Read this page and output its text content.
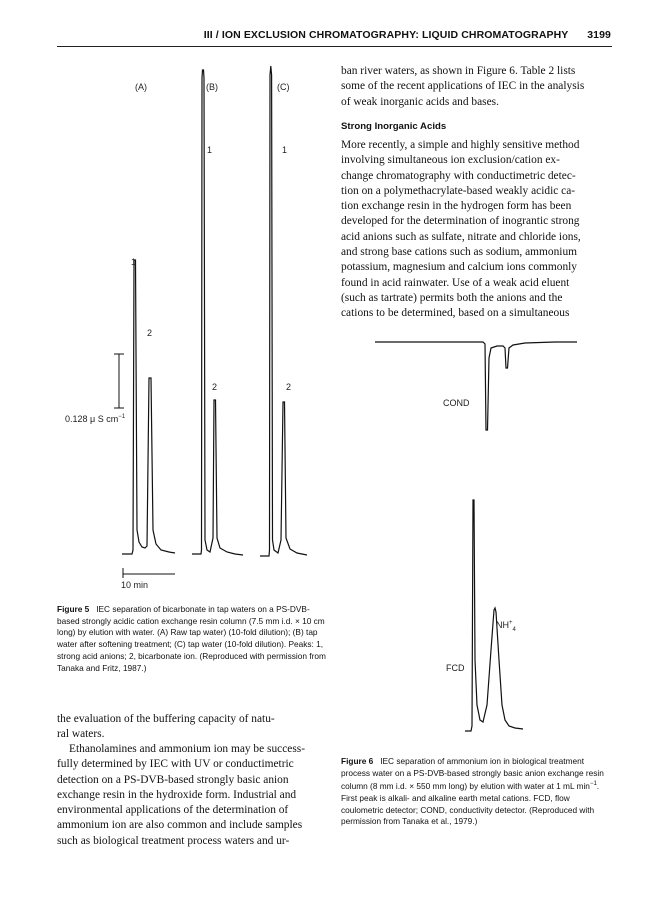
III / ION EXCLUSION CHROMATOGRAPHY: LIQUID CHROMATOGRAPHY 3199
(A)	(B)	(C)
1
2
1
2
1
2
0.128 μ S $cm^{-1}$
10 min
Figure 5 IEC separation of bicarbonate in tap waters on a PS-DVB-based strongly acidic cation exchange resin column (7.5 mm i.d. × 10 cm long) by elution with water. (A) Raw tap water) (10-fold dilution); (B) tap water after softening treatment; (C) tap water (10-fold dilution). Peaks: 1, strong acid anions; 2, bicarbonate ion. (Reproduced with permission from Tanaka and Fritz, 1987.)
the evaluation of the buffering capacity of natu-
ral waters.
Ethanolamines and ammonium ion may be success-
fully determined by IEC with UV or conductimetric
detection on a PS-DVB-based strongly basic anion
exchange resin in the hydroxide form. Industrial and
environmental applications of the determination of
ammonium ion are also common and include samples
such as biological treatment process waters and ur-
ban river waters, as shown in Figure 6. Table 2 lists
some of the recent applications of IEC in the analysis
of weak inorganic acids and bases.
Strong Inorganic Acids
More recently, a simple and highly sensitive method
involving simultaneous ion exclusion/cation ex-
change chromatography with conductimetric detec-
tion on a polymethacrylate-based weakly acidic ca-
tion exchange resin in the hydrogen form has been
developed for the determination of inograntic strong
acid anions such as sulfate, nitrate and chloride ions,
and strong base cations such as sodium, ammonium
potassium, magnesium and calcium ions commonly
found in acid rainwater. Use of a weak acid eluent
(such as tartrate) permits both the anions and the
cations to be determined, based on a simultaneous
COND
FCD
$NH^+_4$
Figure 6 IEC separation of ammonium ion in biological treatment process water on a PS-DVB-based strongly basic anion exchange resin column (8 mm i.d. × 550 mm long) by elution with water at 1 mL $\min^{-1}$.
First peak is alkali- and alkaline earth metal cations. FCD, flow coulometric detector; COND, conductivity detector. (Reproduced with permission from Tanaka et al., 1979.)
